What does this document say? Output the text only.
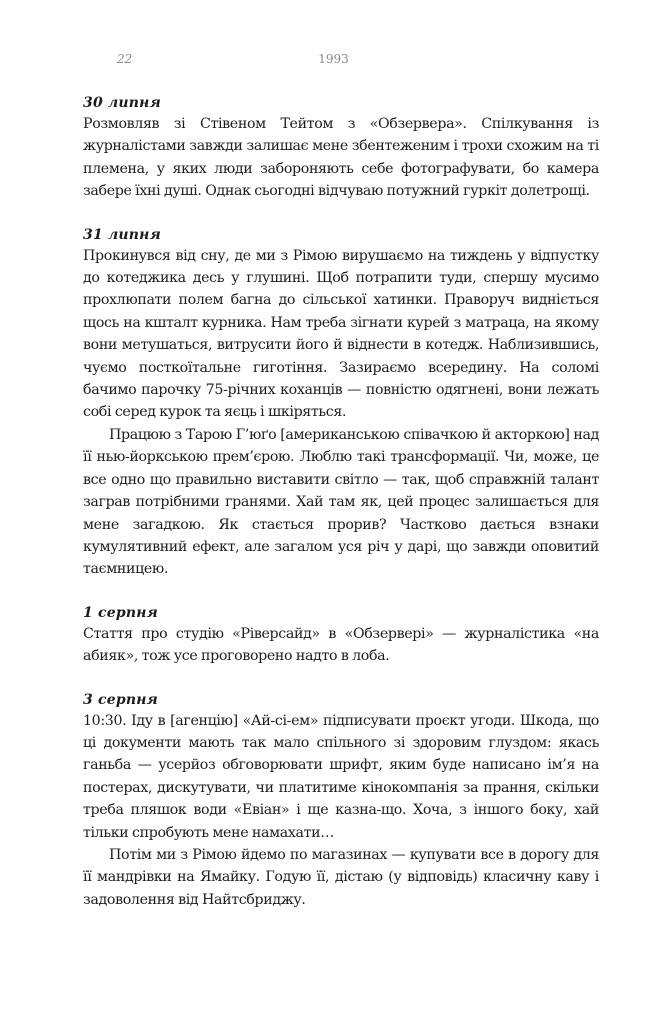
22	1993

30 липня

Розмовляв зі Стівеном Тейтом з «Обзервера». Спілкування із журналістами завжди залишає мене збентеженим і трохи схожим на ті племена, у яких люди забороняють себе фотографувати, бо камера забере їхні душі. Однак сьогодні відчуваю потужний гуркіт долетрощі.

31 липня

Прокинувся від сну, де ми з Рімою вирушаємо на тиждень у відпустку до котеджика десь у глушині. Щоб потрапити туди, спершу мусимо прохлюпати полем багна до сільської хатинки. Праворуч видніється щось на кшталт курника. Нам треба зігнати курей з матраца, на якому вони метушаться, витрусити його й віднести в котедж. Наблизившись, чуємо посткоїтальне гиготіння. Зазираємо всередину. На соломі бачимо парочку 75-річних коханців — повністю одягнені, вони лежать собі серед курок та яєць і шкіряться.

Працюю з Тарою Г’юґо [американською співачкою й акторкою] над її нью-йоркською прем’єрою. Люблю такі трансформації. Чи, може, це все одно що правильно виставити світло — так, щоб справжній талант заграв потрібними гранями. Хай там як, цей процес залишається для мене загадкою. Як стається прорив? Частково дається взнаки кумулятивний ефект, але загалом уся річ у дарі, що завжди оповитий таємницею.

1 серпня

Стаття про студію «Ріверсайд» в «Обзервері» — журналістика «на абияк», тож усе проговорено надто в лоба.

3 серпня

10:30. Іду в [агенцію] «Ай-сі-ем» підписувати проєкт угоди. Шкода, що ці документи мають так мало спільного зі здоровим глуздом: якась ганьба — усерйоз обговорювати шрифт, яким буде написано ім’я на постерах, дискутувати, чи платитиме кінокомпанія за прання, скільки треба пляшок води «Евіан» і ще казна-що. Хоча, з іншого боку, хай тільки спробують мене намахати…

Потім ми з Рімою йдемо по магазинах — купувати все в дорогу для її мандрівки на Ямайку. Годую її, дістаю (у відповідь) класичну каву і задоволення від Найтсбриджу.
